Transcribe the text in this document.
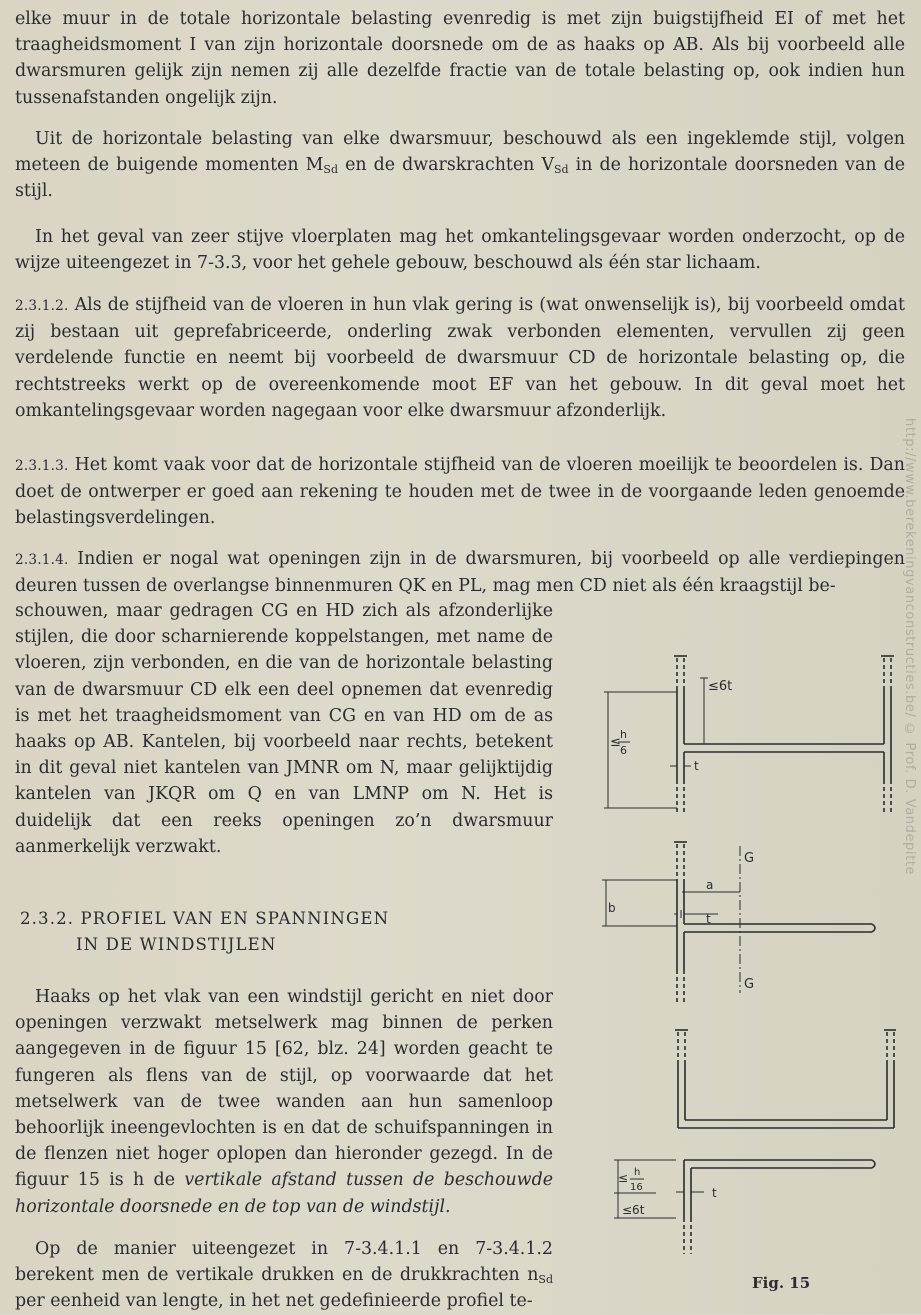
elke muur in de totale horizontale belasting evenredig is met zijn buigstijfheid EI of met het traagheidsmoment I van zijn horizontale doorsnede om de as haaks op AB. Als bij voorbeeld alle dwarsmuren gelijk zijn nemen zij alle dezelfde fractie van de totale belasting op, ook indien hun tussenafstanden ongelijk zijn.
Uit de horizontale belasting van elke dwarsmuur, beschouwd als een ingeklemde stijl, volgen meteen de buigende momenten $M_{Sd}$ en de dwarskrachten $V_{Sd}$ in de horizontale doorsneden van de stijl.
In het geval van zeer stijve vloerplaten mag het omkantelingsgevaar worden onderzocht, op de wijze uiteengezet in 7-3.3, voor het gehele gebouw, beschouwd als één star lichaam.
2.3.1.2. Als de stijfheid van de vloeren in hun vlak gering is (wat onwenselijk is), bij voorbeeld omdat zij bestaan uit geprefabriceerde, onderling zwak verbonden elementen, vervullen zij geen verdelende functie en neemt bij voorbeeld de dwarsmuur CD de horizontale belasting op, die rechtstreeks werkt op de overeenkomende moot EF van het gebouw. In dit geval moet het omkantelingsgevaar worden nagegaan voor elke dwarsmuur afzonderlijk.
2.3.1.3. Het komt vaak voor dat de horizontale stijfheid van de vloeren moeilijk te beoordelen is. Dan doet de ontwerper er goed aan rekening te houden met de twee in de voorgaande leden genoemde belastingsverdelingen.
2.3.1.4. Indien er nogal wat openingen zijn in de dwarsmuren, bij voorbeeld op alle verdiepingen deuren tussen de overlangse binnenmuren QK en PL, mag men CD niet als één kraagstijl be-
schouwen, maar gedragen CG en HD zich als afzonderlijke stijlen, die door scharnierende koppelstangen, met name de vloeren, zijn verbonden, en die van de horizontale belasting van de dwarsmuur CD elk een deel opnemen dat evenredig is met het traagheidsmoment van CG en van HD om de as haaks op AB. Kantelen, bij voorbeeld naar rechts, betekent in dit geval niet kantelen van JMNR om N, maar gelijktijdig kantelen van JKQR om Q en van LMNP om N. Het is duidelijk dat een reeks openingen zo’n dwarsmuur aanmerkelijk verzwakt.
2.3.2. PROFIEL VAN EN SPANNINGEN
IN DE WINDSTIJLEN
Haaks op het vlak van een windstijl gericht en niet door openingen verzwakt metselwerk mag binnen de perken aangegeven in de figuur 15 [62, blz. 24] worden geacht te fungeren als flens van de stijl, op voorwaarde dat het metselwerk van de twee wanden aan hun samenloop behoorlijk ineengevlochten is en dat de schuifspanningen in de flenzen niet hoger oplopen dan hieronder gezegd. In de figuur 15 is h de vertikale afstand tussen de beschouwde horizontale doorsnede en de top van de windstijl.
Op de manier uiteengezet in 7-3.4.1.1 en 7-3.4.1.2 berekent men de vertikale drukken en de drukkrachten $n_{Sd}$ per eenheid van lengte, in het net gedefinieerde profiel te-
≤6t
≤
h
6
t
G
G
a
b
t
≤ h
16
≤6t
t
Fig. 15
http://www.berekeningvanconstructies.be/ © Prof. D. Vandepitte
